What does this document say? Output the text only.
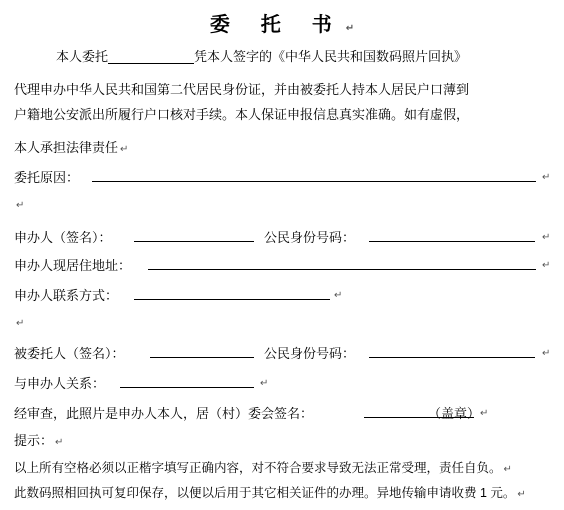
委 托 书 ↵
本人委托	凭本人签字的《中华人民共和国数码照片回执》
代理申办中华人民共和国第二代居民身份证，并由被委托人持本人居民户口薄到
户籍地公安派出所履行户口核对手续。本人保证申报信息真实准确。如有虚假，
本人承担法律责任 ↵
委托原因：	↵
↵
申办人（签名）：	公民身份号码：	↵
申办人现居住地址：	↵
申办人联系方式：	↵
↵
被委托人（签名）：	公民身份号码：	↵
与申办人关系：	↵
经审查，此照片是申办人本人，居（村）委会签名：	（盖章） ↵
提示： ↵
以上所有空格必须以正楷字填写正确内容，对不符合要求导致无法正常受理，责任自负。 ↵
此数码照相回执可复印保存，以便以后用于其它相关证件的办理。异地传输申请收费 1 元。 ↵
